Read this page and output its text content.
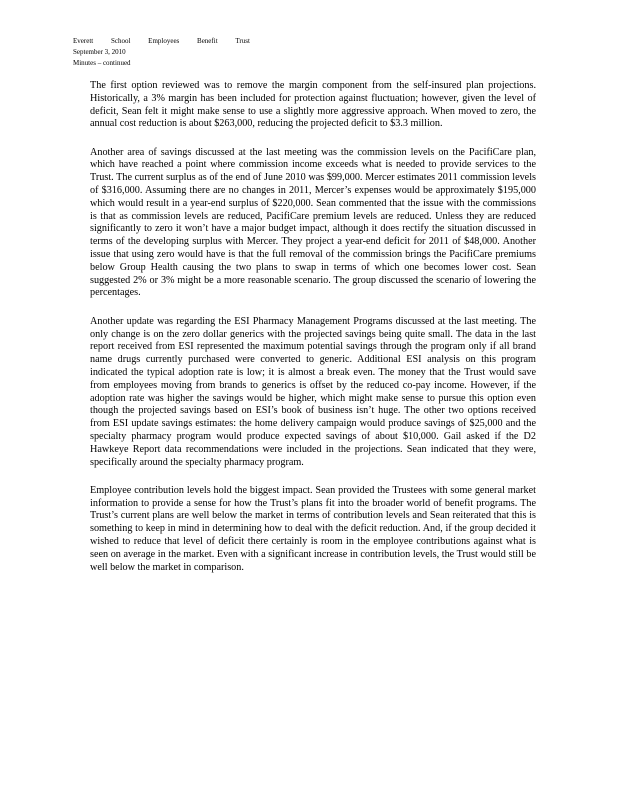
Everett	School	Employees	Benefit	Trust
September 3, 2010
Minutes – continued

The first option reviewed was to remove the margin component from the self-insured plan projections. Historically, a 3% margin has been included for protection against fluctuation; however, given the level of deficit, Sean felt it might make sense to use a slightly more aggressive approach. When moved to zero, the annual cost reduction is about $263,000, reducing the projected deficit to $3.3 million.

Another area of savings discussed at the last meeting was the commission levels on the PacifiCare plan, which have reached a point where commission income exceeds what is needed to provide services to the Trust. The current surplus as of the end of June 2010 was $99,000. Mercer estimates 2011 commission levels of $316,000. Assuming there are no changes in 2011, Mercer’s expenses would be approximately $195,000 which would result in a year-end surplus of $220,000. Sean commented that the issue with the commissions is that as commission levels are reduced, PacifiCare premium levels are reduced. Unless they are reduced significantly to zero it won’t have a major budget impact, although it does rectify the situation discussed in terms of the developing surplus with Mercer. They project a year-end deficit for 2011 of $48,000. Another issue that using zero would have is that the full removal of the commission brings the PacifiCare premiums below Group Health causing the two plans to swap in terms of which one becomes lower cost. Sean suggested 2% or 3% might be a more reasonable scenario. The group discussed the scenario of lowering the percentages.

Another update was regarding the ESI Pharmacy Management Programs discussed at the last meeting. The only change is on the zero dollar generics with the projected savings being quite small. The data in the last report received from ESI represented the maximum potential savings through the program only if all brand name drugs currently purchased were converted to generic. Additional ESI analysis on this program indicated the typical adoption rate is low; it is almost a break even. The money that the Trust would save from employees moving from brands to generics is offset by the reduced co-pay income. However, if the adoption rate was higher the savings would be higher, which might make sense to pursue this option even though the projected savings based on ESI’s book of business isn’t huge. The other two options received from ESI update savings estimates: the home delivery campaign would produce savings of $25,000 and the specialty pharmacy program would produce expected savings of about $10,000. Gail asked if the D2 Hawkeye Report data recommendations were included in the projections. Sean indicated that they were, specifically around the specialty pharmacy program.

Employee contribution levels hold the biggest impact. Sean provided the Trustees with some general market information to provide a sense for how the Trust’s plans fit into the broader world of benefit programs. The Trust’s current plans are well below the market in terms of contribution levels and Sean reiterated that this is something to keep in mind in determining how to deal with the deficit reduction. And, if the group decided it wished to reduce that level of deficit there certainly is room in the employee contributions against what is seen on average in the market. Even with a significant increase in contribution levels, the Trust would still be well below the market in comparison.
